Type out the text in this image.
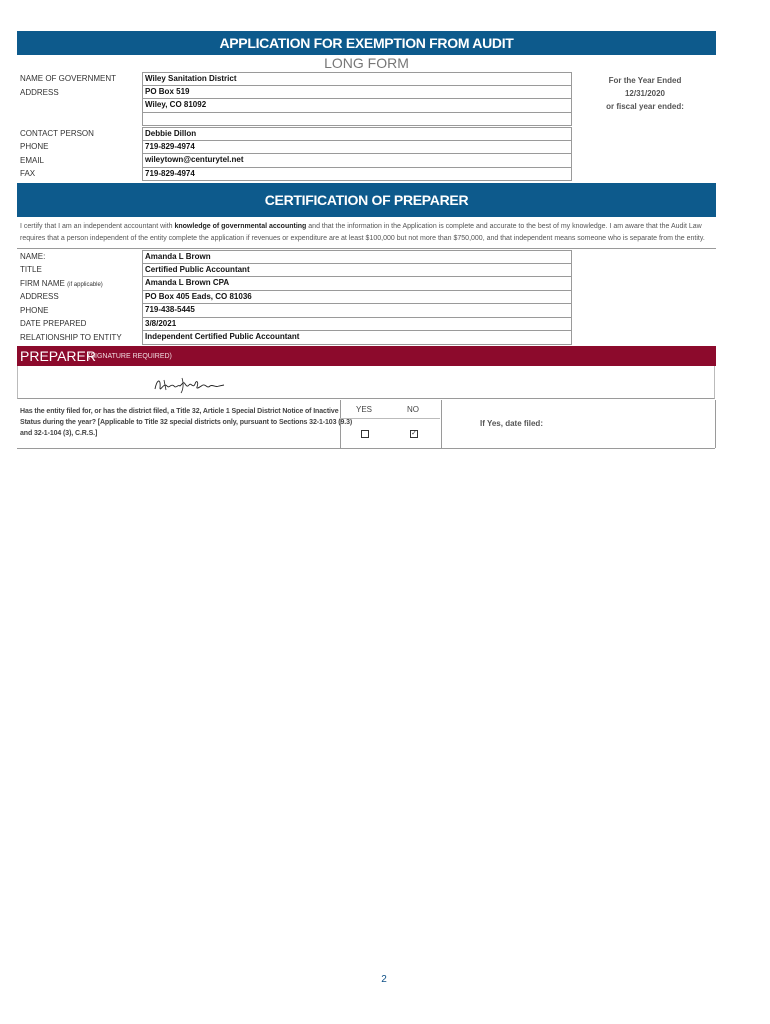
APPLICATION FOR EXEMPTION FROM AUDIT
LONG FORM
NAME OF GOVERNMENT
ADDRESS
Wiley Sanitation District
PO Box 519
Wiley, CO 81092
CONTACT PERSON
PHONE
EMAIL
FAX
Debbie Dillon
719-829-4974
wileytown@centurytel.net
719-829-4974
For the Year Ended
12/31/2020
or fiscal year ended:
CERTIFICATION OF PREPARER
I certify that I am an independent accountant with knowledge of governmental accounting and that the information in the Application is complete and accurate to the best of my knowledge. I am aware that the Audit Law requires that a person independent of the entity complete the application if revenues or expenditure are at least $100,000 but not more than $750,000, and that independent means someone who is separate from the entity.
NAME:
TITLE
FIRM NAME (if applicable)
ADDRESS
PHONE
DATE PREPARED
RELATIONSHIP TO ENTITY
Amanda L Brown
Certified Public Accountant
Amanda L Brown CPA
PO Box 405 Eads, CO 81036
719-438-5445
3/8/2021
Independent Certified Public Accountant
PREPARER
(SIGNATURE REQUIRED)
Has the entity filed for, or has the district filed, a Title 32, Article 1 Special District Notice of Inactive
Status during the year? [Applicable to Title 32 special districts only, pursuant to Sections 32-1-103 (9.3)
and 32-1-104 (3), C.R.S.]
YES	NO
✓
If Yes, date filed:
2
